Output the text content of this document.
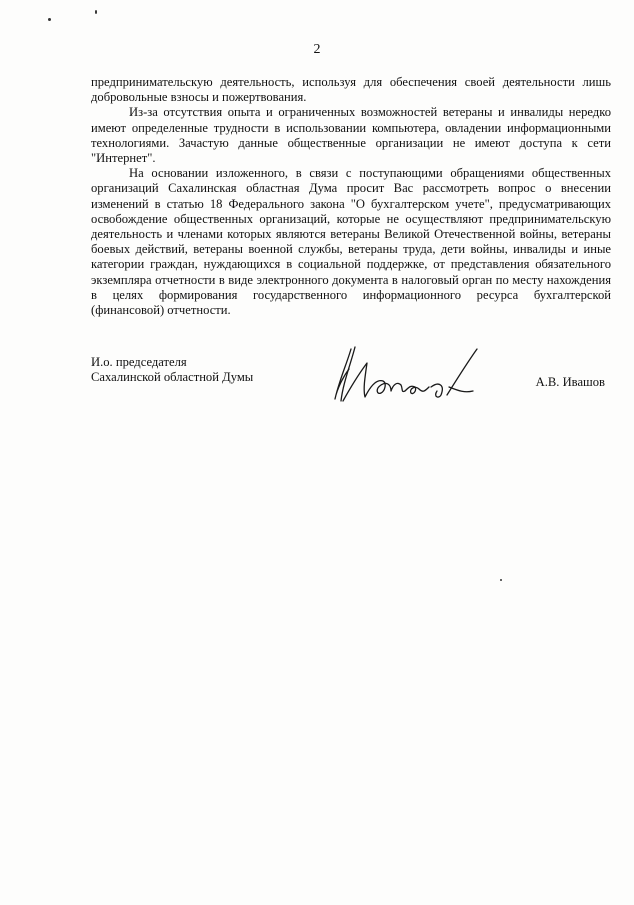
2

предпринимательскую деятельность, используя для обеспечения своей деятельности лишь добровольные взносы и пожертвования.

Из-за отсутствия опыта и ограниченных возможностей ветераны и инвалиды нередко имеют определенные трудности в использовании компьютера, овладении информационными технологиями. Зачастую данные общественные организации не имеют доступа к сети "Интернет".

На основании изложенного, в связи с поступающими обращениями общественных организаций Сахалинская областная Дума просит Вас рассмотреть вопрос о внесении изменений в статью 18 Федерального закона "О бухгалтерском учете", предусматривающих освобождение общественных организаций, которые не осуществляют предпринимательскую деятельность и членами которых являются ветераны Великой Отечественной войны, ветераны боевых действий, ветераны военной службы, ветераны труда, дети войны, инвалиды и иные категории граждан, нуждающихся в социальной поддержке, от представления обязательного экземпляра отчетности в виде электронного документа в налоговый орган по месту нахождения в целях формирования государственного информационного ресурса бухгалтерской (финансовой) отчетности.

И.о. председателя
Сахалинской областной Думы	А.В. Ивашов
